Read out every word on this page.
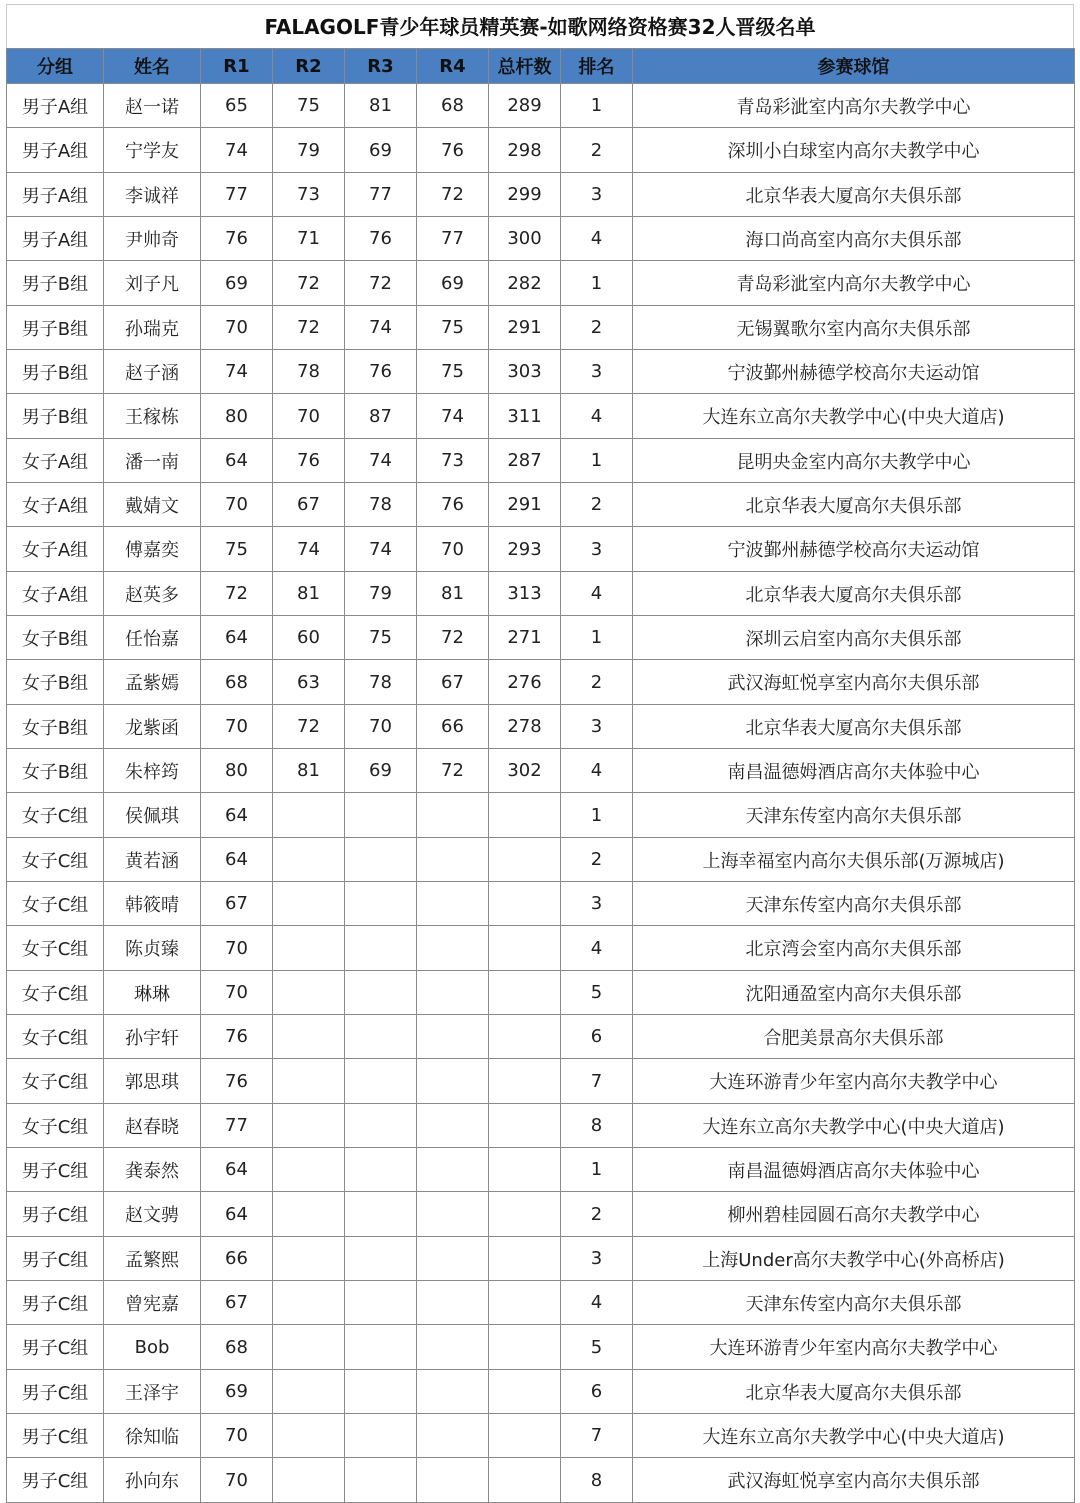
FALAGOLF青少年球员精英赛-如歌网络资格赛32人晋级名单
分组	姓名	R1	R2	R3	R4	总杆数	排名	参赛球馆
男子A组	赵一诺	65	75	81	68	289	1	青岛彩泚室内高尔夫教学中心
男子A组	宁学友	74	79	69	76	298	2	深圳小白球室内高尔夫教学中心
男子A组	李诚祥	77	73	77	72	299	3	北京华表大厦高尔夫俱乐部
男子A组	尹帅奇	76	71	76	77	300	4	海口尚高室内高尔夫俱乐部
男子B组	刘子凡	69	72	72	69	282	1	青岛彩泚室内高尔夫教学中心
男子B组	孙瑞克	70	72	74	75	291	2	无锡翼歌尔室内高尔夫俱乐部
男子B组	赵子涵	74	78	76	75	303	3	宁波鄞州赫德学校高尔夫运动馆
男子B组	王稼栋	80	70	87	74	311	4	大连东立高尔夫教学中心(中央大道店)
女子A组	潘一南	64	76	74	73	287	1	昆明央金室内高尔夫教学中心
女子A组	戴婧文	70	67	78	76	291	2	北京华表大厦高尔夫俱乐部
女子A组	傅嘉奕	75	74	74	70	293	3	宁波鄞州赫德学校高尔夫运动馆
女子A组	赵英多	72	81	79	81	313	4	北京华表大厦高尔夫俱乐部
女子B组	任怡嘉	64	60	75	72	271	1	深圳云启室内高尔夫俱乐部
女子B组	孟紫嫣	68	63	78	67	276	2	武汉海虹悦享室内高尔夫俱乐部
女子B组	龙紫函	70	72	70	66	278	3	北京华表大厦高尔夫俱乐部
女子B组	朱梓筠	80	81	69	72	302	4	南昌温德姆酒店高尔夫体验中心
女子C组	侯佩琪	64					1	天津东传室内高尔夫俱乐部
女子C组	黄若涵	64					2	上海幸福室内高尔夫俱乐部(万源城店)
女子C组	韩筱晴	67					3	天津东传室内高尔夫俱乐部
女子C组	陈贞臻	70					4	北京湾会室内高尔夫俱乐部
女子C组	琳琳	70					5	沈阳通盈室内高尔夫俱乐部
女子C组	孙宇轩	76					6	合肥美景高尔夫俱乐部
女子C组	郭思琪	76					7	大连环游青少年室内高尔夫教学中心
女子C组	赵春晓	77					8	大连东立高尔夫教学中心(中央大道店)
男子C组	龚泰然	64					1	南昌温德姆酒店高尔夫体验中心
男子C组	赵文骋	64					2	柳州碧桂园圆石高尔夫教学中心
男子C组	孟繁熙	66					3	上海Under高尔夫教学中心(外高桥店)
男子C组	曾宪嘉	67					4	天津东传室内高尔夫俱乐部
男子C组	Bob	68					5	大连环游青少年室内高尔夫教学中心
男子C组	王泽宇	69					6	北京华表大厦高尔夫俱乐部
男子C组	徐知临	70					7	大连东立高尔夫教学中心(中央大道店)
男子C组	孙向东	70					8	武汉海虹悦享室内高尔夫俱乐部
